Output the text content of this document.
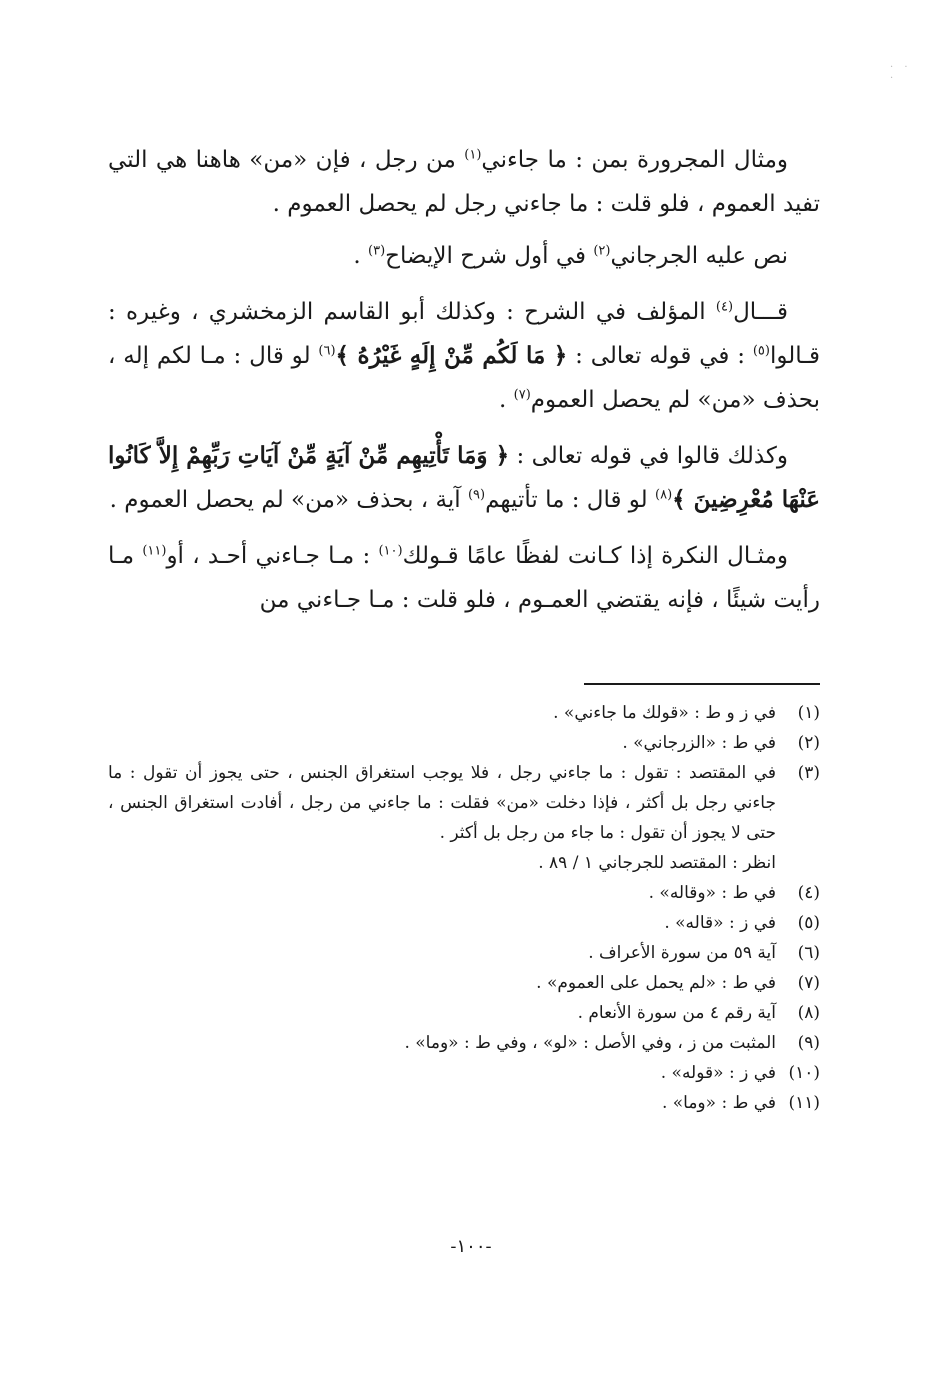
· · ·

ومثال المجرورة بمن : ما جاءني$^{(١)}$ من رجل ، فإن «من» هاهنا هي التي تفيد العموم ، فلو قلت : ما جاءني رجل لم يحصل العموم .

نص عليه الجرجاني$^{(٢)}$ في أول شرح الإيضاح$^{(٣)}$ .

قـــال$^{(٤)}$ المؤلف في الشرح : وكذلك أبو القاسم الزمخشري ، وغيره : قـالوا$^{(٥)}$ : في قوله تعالى : ﴿ مَا لَكُم مِّنْ إِلَهٍ غَيْرُهُ ﴾$^{(٦)}$ لو قال : مـا لكم إله ، بحذف «من» لم يحصل العموم$^{(٧)}$ .

وكذلك قالوا في قوله تعالى : ﴿ وَمَا تَأْتِيهِم مِّنْ آيَةٍ مِّنْ آيَاتِ رَبِّهِمْ إِلاَّ كَانُوا عَنْهَا مُعْرِضِينَ ﴾$^{(٨)}$ لو قال : ما تأتيهم$^{(٩)}$ آية ، بحذف «من» لم يحصل العموم .

ومثـال النكرة إذا كـانت لفظًا عامًا قـولك$^{(١٠)}$ : مـا جـاءني أحـد ، أو$^{(١١)}$ مـا رأيت شيئًا ، فإنه يقتضي العمـوم ، فلو قلت : مـا جـاءني من

(١)
في ز و ط : «قولك ما جاءني» .
(٢)
في ط : «الزرجاني» .
(٣)
في المقتصد : تقول : ما جاءني رجل ، فلا يوجب استغراق الجنس ، حتى يجوز أن تقول : ما جاءني رجل بل أكثر ، فإذا دخلت «من» فقلت : ما جاءني من رجل ، أفادت استغراق الجنس ، حتى لا يجوز أن تقول : ما جاء من رجل بل أكثر .
انظر : المقتصد للجرجاني ١ / ٨٩ .
(٤)
في ط : «وقاله» .
(٥)
في ز : «قاله» .
(٦)
آية ٥٩ من سورة الأعراف .
(٧)
في ط : «لم يحمل على العموم» .
(٨)
آية رقم ٤ من سورة الأنعام .
(٩)
المثبت من ز ، وفي الأصل : «لو» ، وفي ط : «وما» .
(١٠)
في ز : «قوله» .
(١١)
في ط : «وما» .
-١٠٠-
